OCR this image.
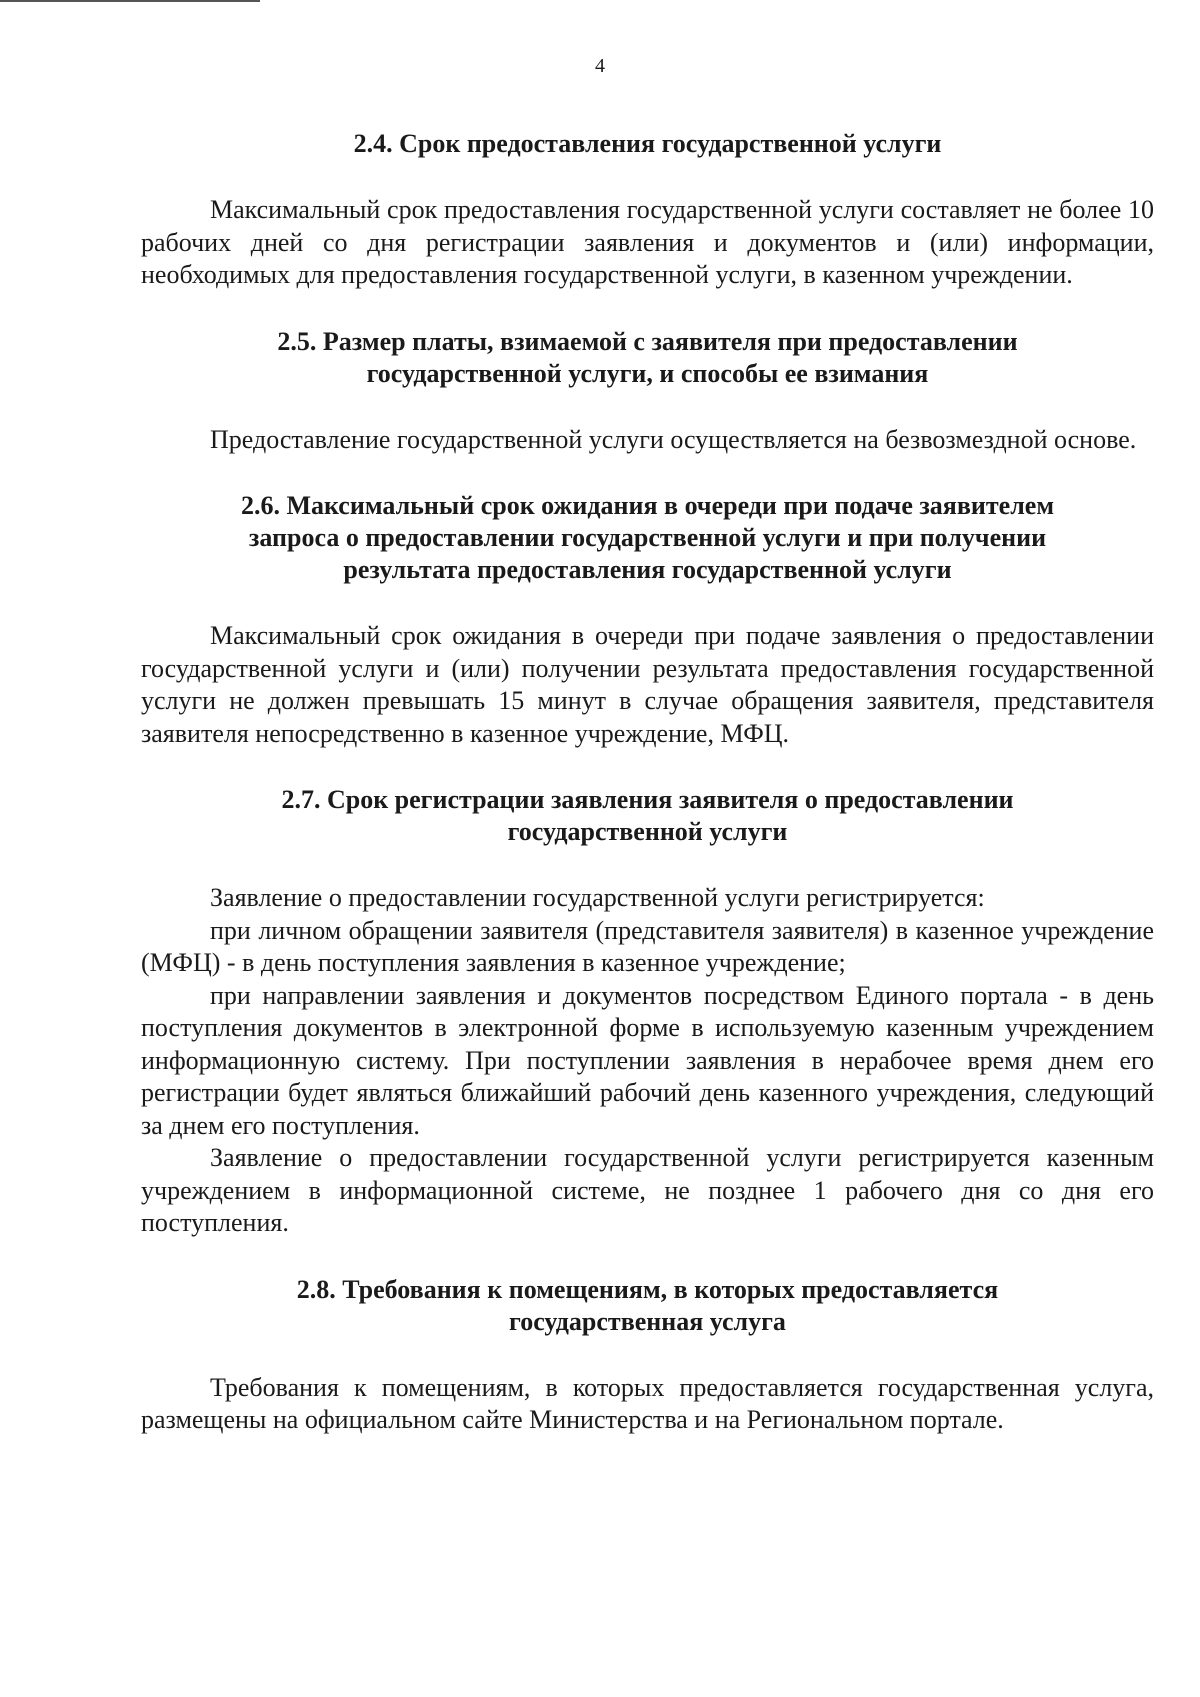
4

2.4. Срок предоставления государственной услуги

Максимальный срок предоставления государственной услуги составляет не более 10 рабочих дней со дня регистрации заявления и документов и (или) информации, необходимых для предоставления государственной услуги, в казенном учреждении.

2.5. Размер платы, взимаемой с заявителя при предоставлении
государственной услуги, и способы ее взимания

Предоставление государственной услуги осуществляется на безвозмездной основе.

2.6. Максимальный срок ожидания в очереди при подаче заявителем
запроса о предоставлении государственной услуги и при получении
результата предоставления государственной услуги

Максимальный срок ожидания в очереди при подаче заявления о предоставлении государственной услуги и (или) получении результата предоставления государственной услуги не должен превышать 15 минут в случае обращения заявителя, представителя заявителя непосредственно в казенное учреждение, МФЦ.

2.7. Срок регистрации заявления заявителя о предоставлении
государственной услуги

Заявление о предоставлении государственной услуги регистрируется:

при личном обращении заявителя (представителя заявителя) в казенное учреждение (МФЦ) - в день поступления заявления в казенное учреждение;

при направлении заявления и документов посредством Единого портала - в день поступления документов в электронной форме в используемую казенным учреждением информационную систему. При поступлении заявления в нерабочее время днем его регистрации будет являться ближайший рабочий день казенного учреждения, следующий за днем его поступления.

Заявление о предоставлении государственной услуги регистрируется казенным учреждением в информационной системе, не позднее 1 рабочего дня со дня его поступления.

2.8. Требования к помещениям, в которых предоставляется
государственная услуга

Требования к помещениям, в которых предоставляется государственная услуга, размещены на официальном сайте Министерства и на Региональном портале.
